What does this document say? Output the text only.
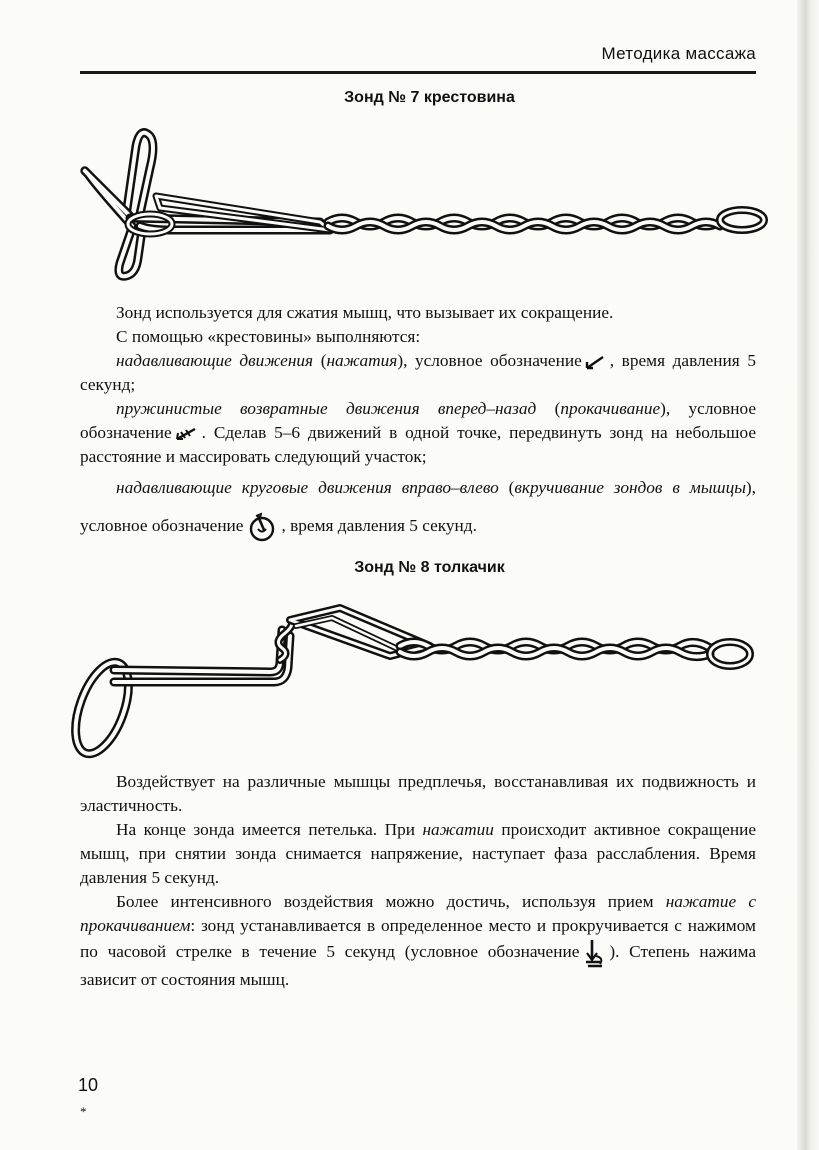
Методика массажа
Зонд № 7 крестовина

Зонд используется для сжатия мышц, что вызывает их сокращение.

С помощью «крестовины» выполняются:

надавливающие движения (нажатия), условное обозначение , время давления 5 секунд;

пружинистые возвратные движения вперед–назад (прокачивание), условное обозначение . Сделав 5–6 движений в одной точке, передвинуть зонд на небольшое расстояние и массировать следующий участок;

надавливающие круговые движения вправо–влево (вкручивание зондов в мышцы), условное обозначение , время давления 5 секунд.

Зонд № 8 толкачик

Воздействует на различные мышцы предплечья, восстанавливая их подвижность и эластичность.

На конце зонда имеется петелька. При нажатии происходит активное сокращение мышц, при снятии зонда снимается напряжение, наступает фаза расслабления. Время давления 5 секунд.

Более интенсивного воздействия можно достичь, используя прием нажатие с прокачиванием: зонд устанавливается в определенное место и прокручивается с нажимом по часовой стрелке в течение 5 секунд (условное обозначение ). Степень нажима зависит от состояния мышц.

10
*
